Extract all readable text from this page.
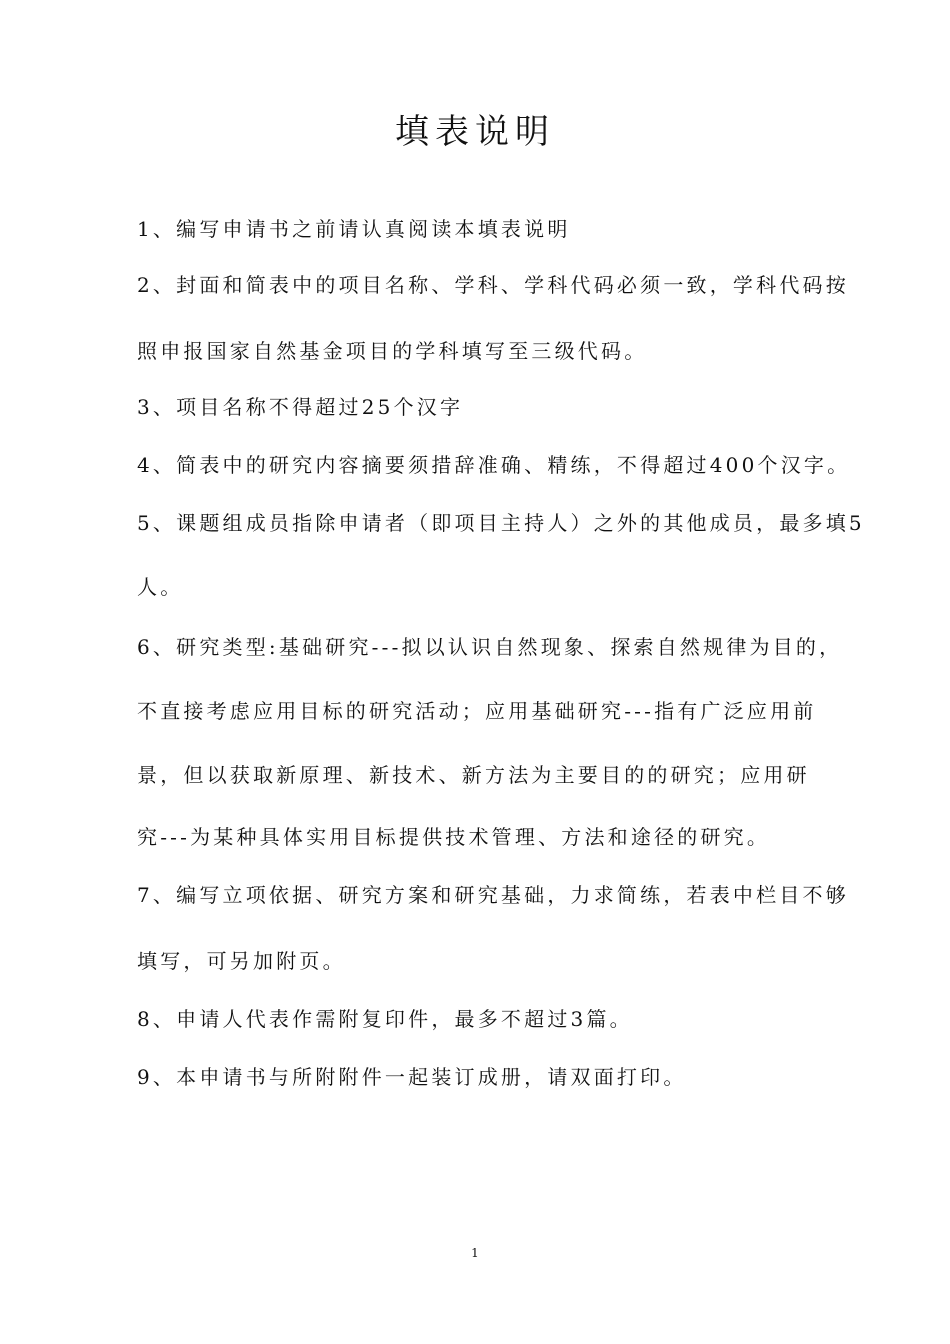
填表说明
1、编写申请书之前请认真阅读本填表说明
2、封面和简表中的项目名称、学科、学科代码必须一致，学科代码按
照申报国家自然基金项目的学科填写至三级代码。
3、项目名称不得超过25个汉字
4、简表中的研究内容摘要须措辞准确、精练，不得超过400个汉字。
5、课题组成员指除申请者（即项目主持人）之外的其他成员，最多填5
人。
6、研究类型:基础研究---拟以认识自然现象、探索自然规律为目的，
不直接考虑应用目标的研究活动；应用基础研究---指有广泛应用前
景，但以获取新原理、新技术、新方法为主要目的的研究；应用研
究---为某种具体实用目标提供技术管理、方法和途径的研究。
7、编写立项依据、研究方案和研究基础，力求简练，若表中栏目不够
填写，可另加附页。
8、申请人代表作需附复印件，最多不超过3篇。
9、本申请书与所附附件一起装订成册，请双面打印。
1
